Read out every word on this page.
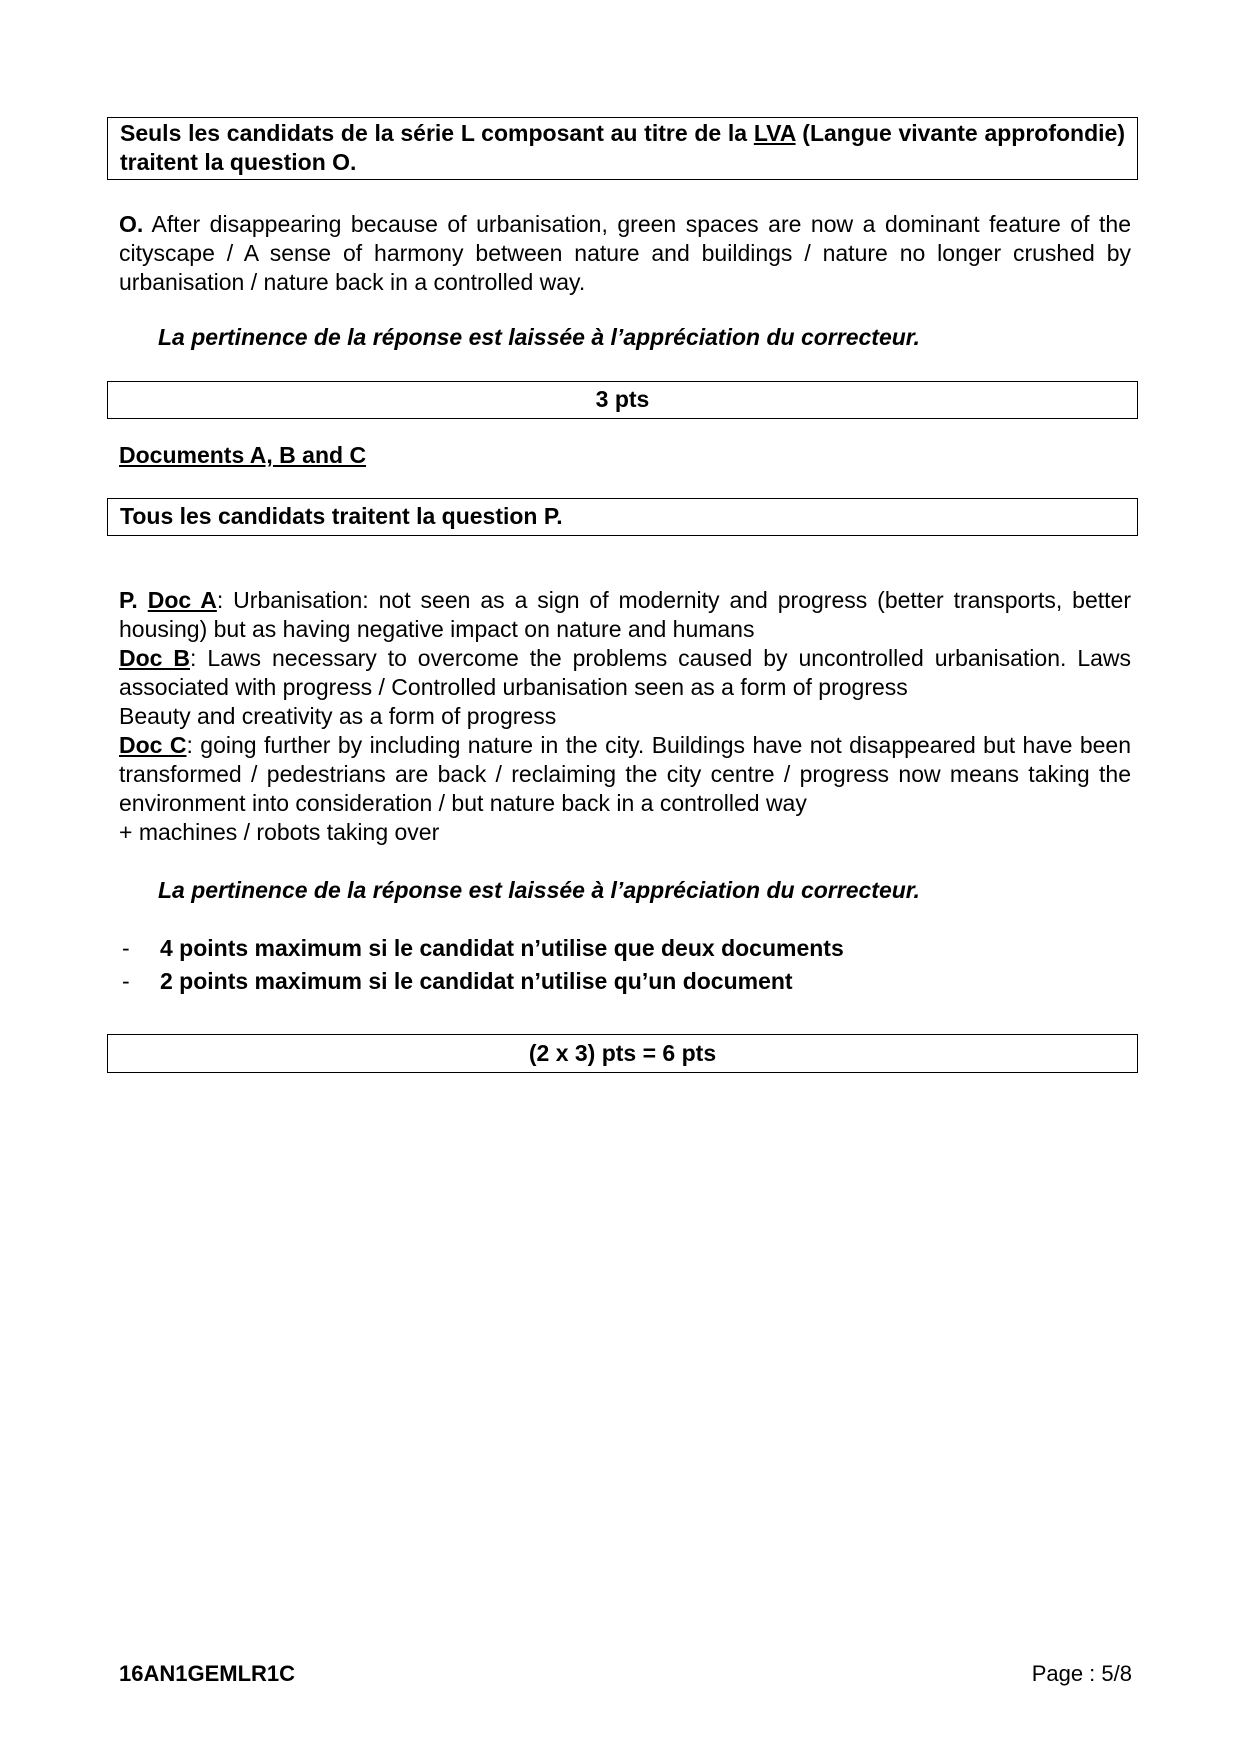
Seuls les candidats de la série L composant au titre de la LVA (Langue vivante approfondie) traitent la question O.
O. After disappearing because of urbanisation, green spaces are now a dominant feature of the cityscape / A sense of harmony between nature and buildings / nature no longer crushed by urbanisation / nature back in a controlled way.
La pertinence de la réponse est laissée à l’appréciation du correcteur.
3 pts
Documents A, B and C
Tous les candidats traitent la question P.

P. Doc A: Urbanisation: not seen as a sign of modernity and progress (better transports, better housing) but as having negative impact on nature and humans

Doc B: Laws necessary to overcome the problems caused by uncontrolled urbanisation. Laws associated with progress / Controlled urbanisation seen as a form of progress

Beauty and creativity as a form of progress

Doc C: going further by including nature in the city. Buildings have not disappeared but have been transformed / pedestrians are back / reclaiming the city centre / progress now means taking the environment into consideration / but nature back in a controlled way

+ machines / robots taking over

La pertinence de la réponse est laissée à l’appréciation du correcteur.
- 4 points maximum si le candidat n’utilise que deux documents
- 2 points maximum si le candidat n’utilise qu’un document
(2 x 3) pts = 6 pts
16AN1GEMLR1C	Page : 5/8
